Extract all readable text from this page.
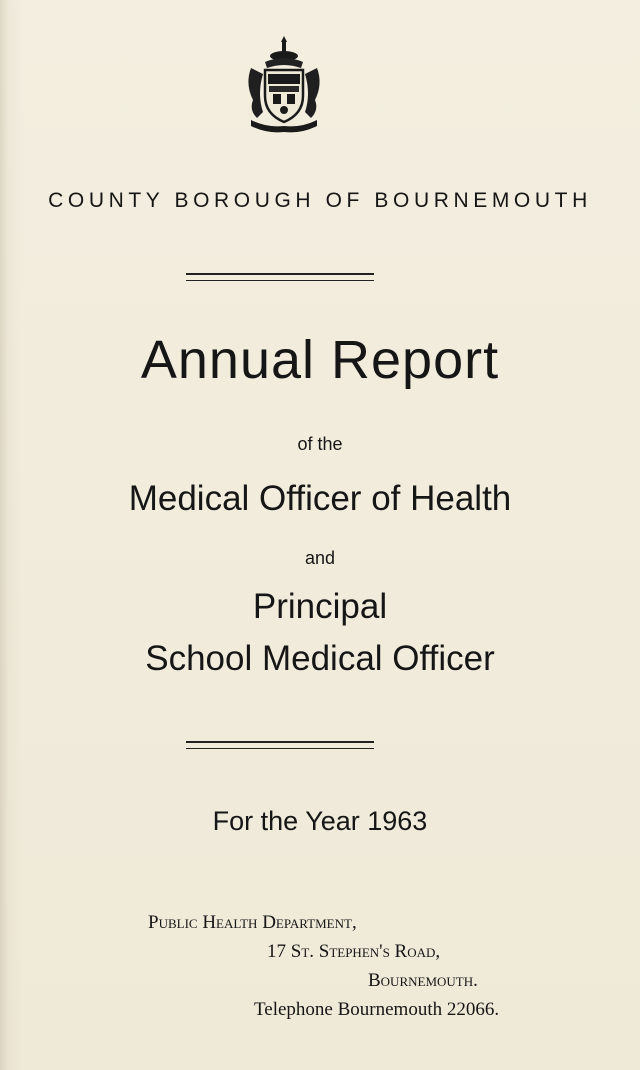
COUNTY BOROUGH OF BOURNEMOUTH
Annual Report
of the
Medical Officer of Health
and
Principal
School Medical Officer
For the Year 1963
Public Health Department,
17 St. Stephen's Road,
Bournemouth.
Telephone Bournemouth 22066.
